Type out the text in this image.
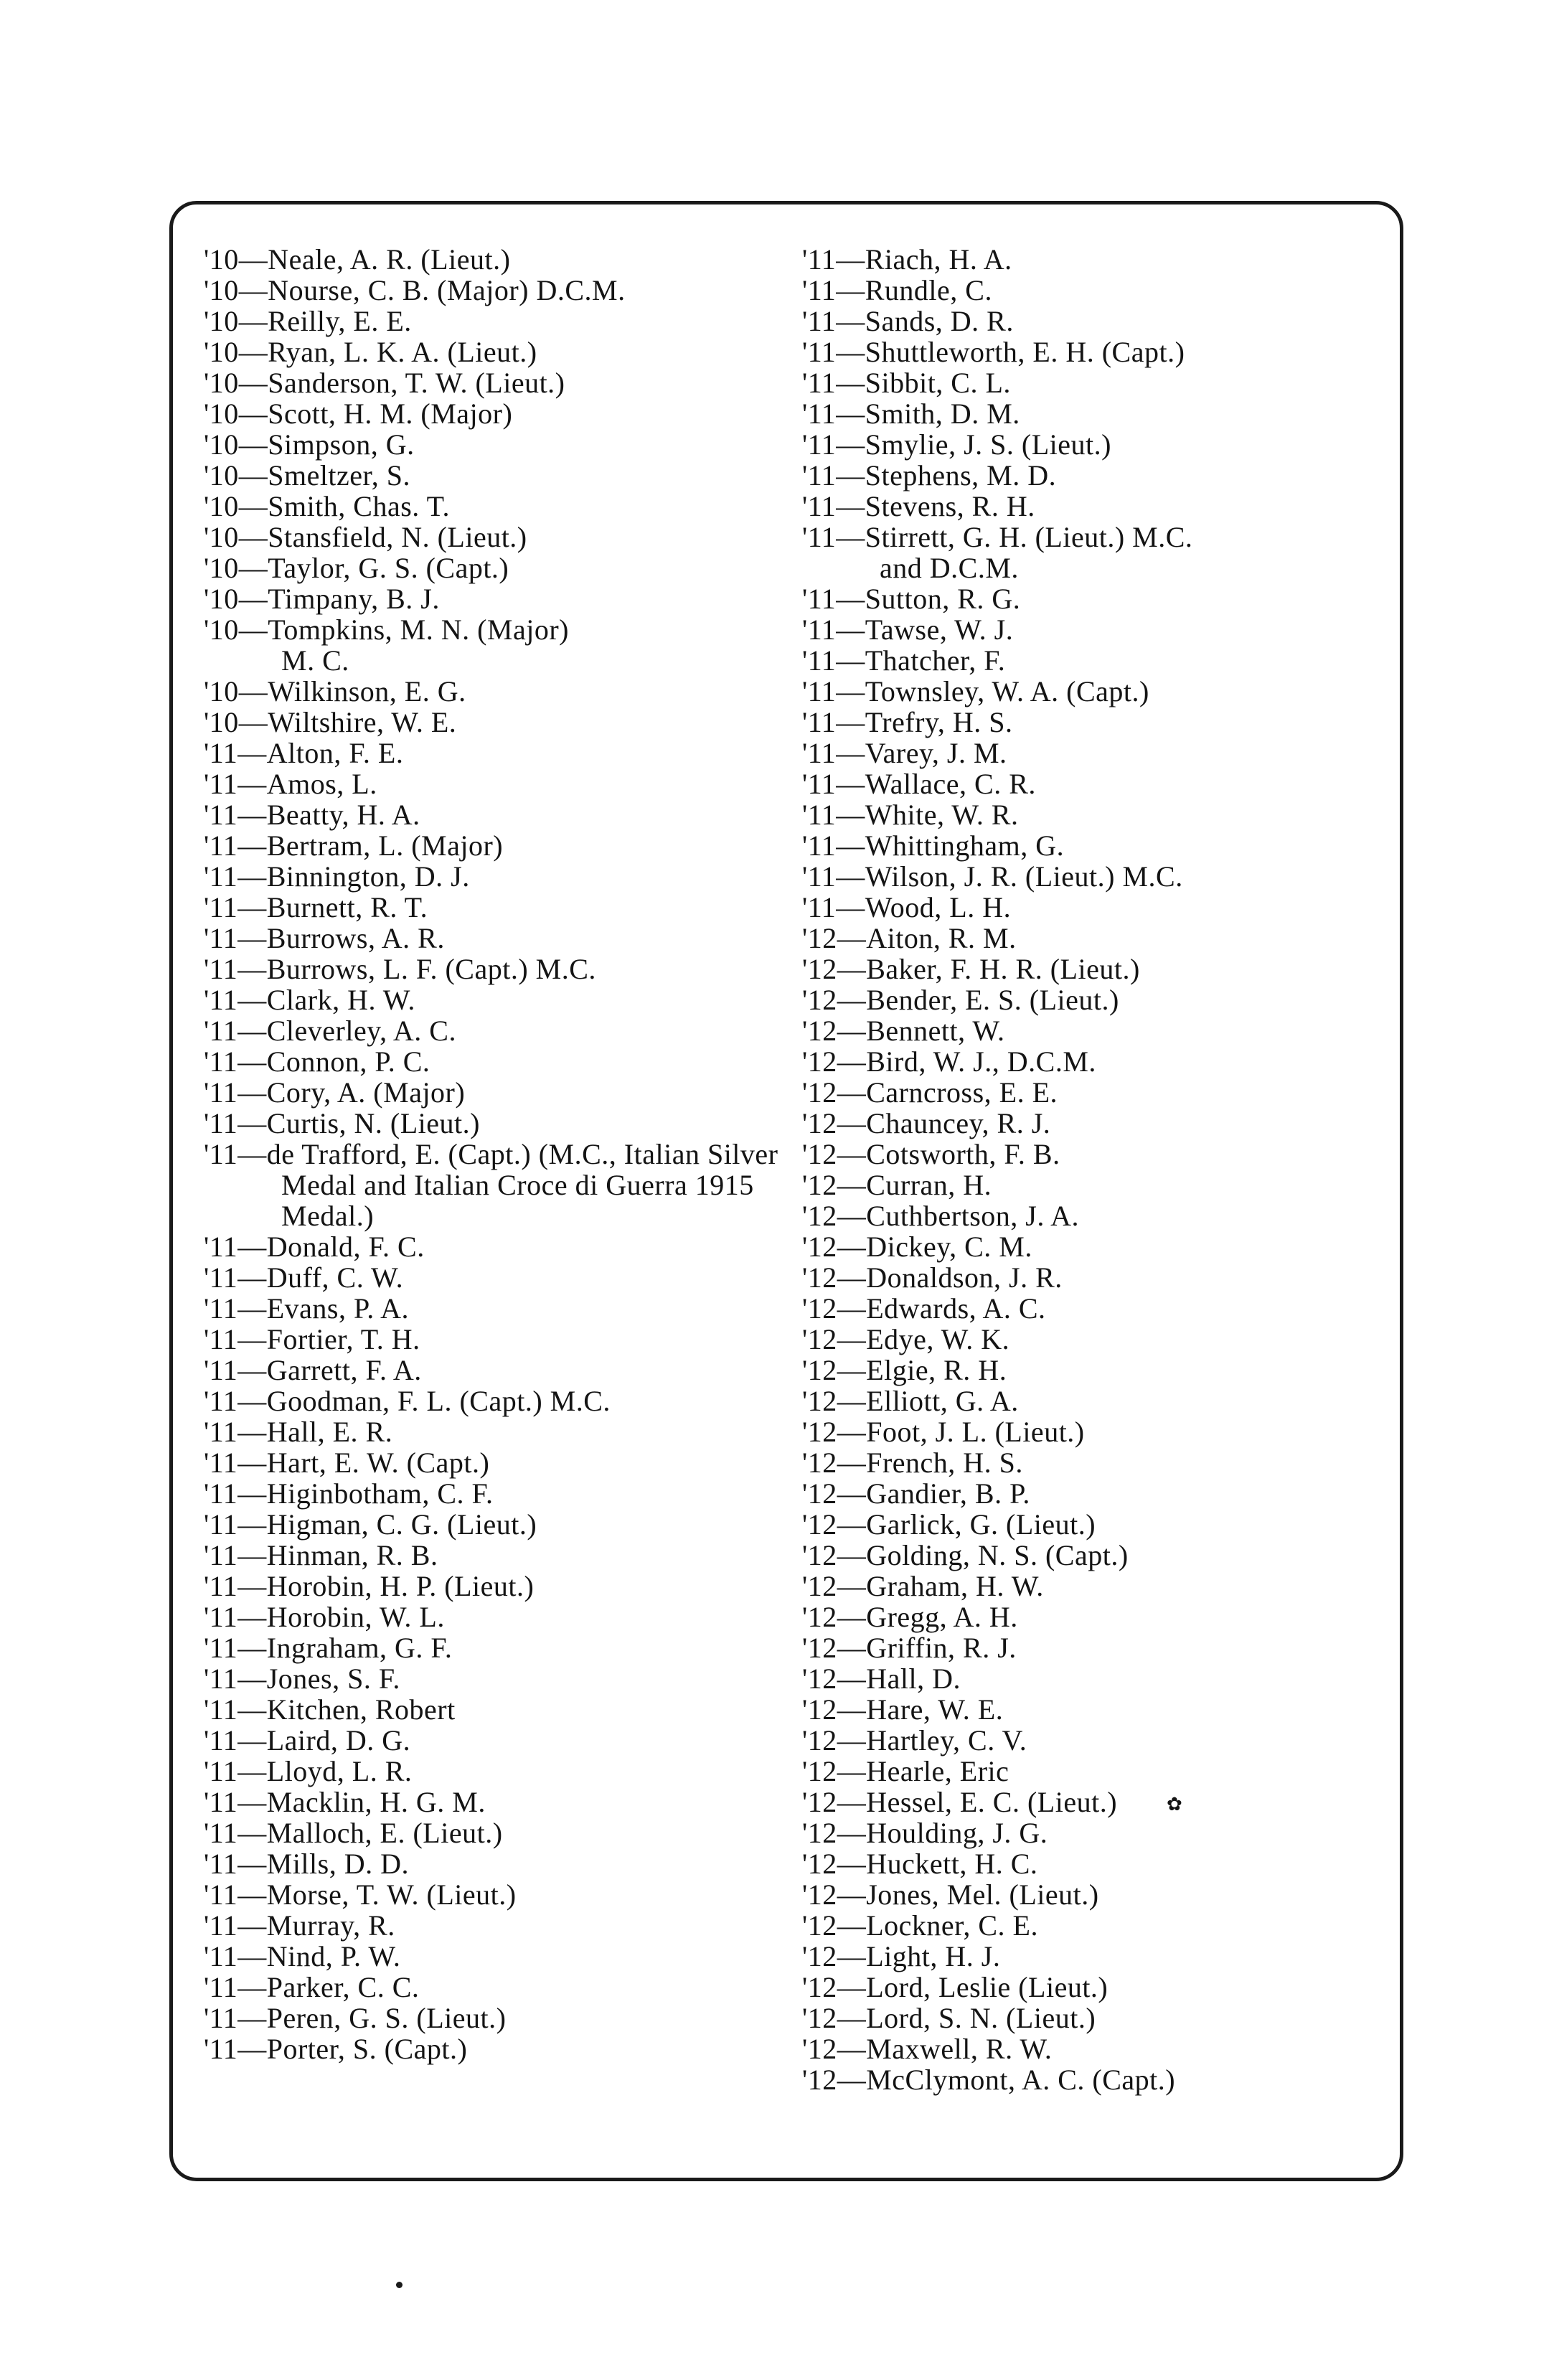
'10—Neale, A. R. (Lieut.)
'10—Nourse, C. B. (Major) D.C.M.
'10—Reilly, E. E.
'10—Ryan, L. K. A. (Lieut.)
'10—Sanderson, T. W. (Lieut.)
'10—Scott, H. M. (Major)
'10—Simpson, G.
'10—Smeltzer, S.
'10—Smith, Chas. T.
'10—Stansfield, N. (Lieut.)
'10—Taylor, G. S. (Capt.)
'10—Timpany, B. J.
'10—Tompkins, M. N. (Major)
M. C.
'10—Wilkinson, E. G.
'10—Wiltshire, W. E.
'11—Alton, F. E.
'11—Amos, L.
'11—Beatty, H. A.
'11—Bertram, L. (Major)
'11—Binnington, D. J.
'11—Burnett, R. T.
'11—Burrows, A. R.
'11—Burrows, L. F. (Capt.) M.C.
'11—Clark, H. W.
'11—Cleverley, A. C.
'11—Connon, P. C.
'11—Cory, A. (Major)
'11—Curtis, N. (Lieut.)
'11—de Trafford, E. (Capt.) (M.C., Italian Silver Medal and Italian Croce di Guerra 1915 Medal.)
'11—Donald, F. C.
'11—Duff, C. W.
'11—Evans, P. A.
'11—Fortier, T. H.
'11—Garrett, F. A.
'11—Goodman, F. L. (Capt.) M.C.
'11—Hall, E. R.
'11—Hart, E. W. (Capt.)
'11—Higinbotham, C. F.
'11—Higman, C. G. (Lieut.)
'11—Hinman, R. B.
'11—Horobin, H. P. (Lieut.)
'11—Horobin, W. L.
'11—Ingraham, G. F.
'11—Jones, S. F.
'11—Kitchen, Robert
'11—Laird, D. G.
'11—Lloyd, L. R.
'11—Macklin, H. G. M.
'11—Malloch, E. (Lieut.)
'11—Mills, D. D.
'11—Morse, T. W. (Lieut.)
'11—Murray, R.
'11—Nind, P. W.
'11—Parker, C. C.
'11—Peren, G. S. (Lieut.)
'11—Porter, S. (Capt.)
'11—Riach, H. A.
'11—Rundle, C.
'11—Sands, D. R.
'11—Shuttleworth, E. H. (Capt.)
'11—Sibbit, C. L.
'11—Smith, D. M.
'11—Smylie, J. S. (Lieut.)
'11—Stephens, M. D.
'11—Stevens, R. H.
'11—Stirrett, G. H. (Lieut.) M.C.
and D.C.M.
'11—Sutton, R. G.
'11—Tawse, W. J.
'11—Thatcher, F.
'11—Townsley, W. A. (Capt.)
'11—Trefry, H. S.
'11—Varey, J. M.
'11—Wallace, C. R.
'11—White, W. R.
'11—Whittingham, G.
'11—Wilson, J. R. (Lieut.) M.C.
'11—Wood, L. H.
'12—Aiton, R. M.
'12—Baker, F. H. R. (Lieut.)
'12—Bender, E. S. (Lieut.)
'12—Bennett, W.
'12—Bird, W. J., D.C.M.
'12—Carncross, E. E.
'12—Chauncey, R. J.
'12—Cotsworth, F. B.
'12—Curran, H.
'12—Cuthbertson, J. A.
'12—Dickey, C. M.
'12—Donaldson, J. R.
'12—Edwards, A. C.
'12—Edye, W. K.
'12—Elgie, R. H.
'12—Elliott, G. A.
'12—Foot, J. L. (Lieut.)
'12—French, H. S.
'12—Gandier, B. P.
'12—Garlick, G. (Lieut.)
'12—Golding, N. S. (Capt.)
'12—Graham, H. W.
'12—Gregg, A. H.
'12—Griffin, R. J.
'12—Hall, D.
'12—Hare, W. E.
'12—Hartley, C. V.
'12—Hearle, Eric
'12—Hessel, E. C. (Lieut.)
'12—Houlding, J. G.
'12—Huckett, H. C.
'12—Jones, Mel. (Lieut.)
'12—Lockner, C. E.
'12—Light, H. J.
'12—Lord, Leslie (Lieut.)
'12—Lord, S. N. (Lieut.)
'12—Maxwell, R. W.
'12—McClymont, A. C. (Capt.)
✿
